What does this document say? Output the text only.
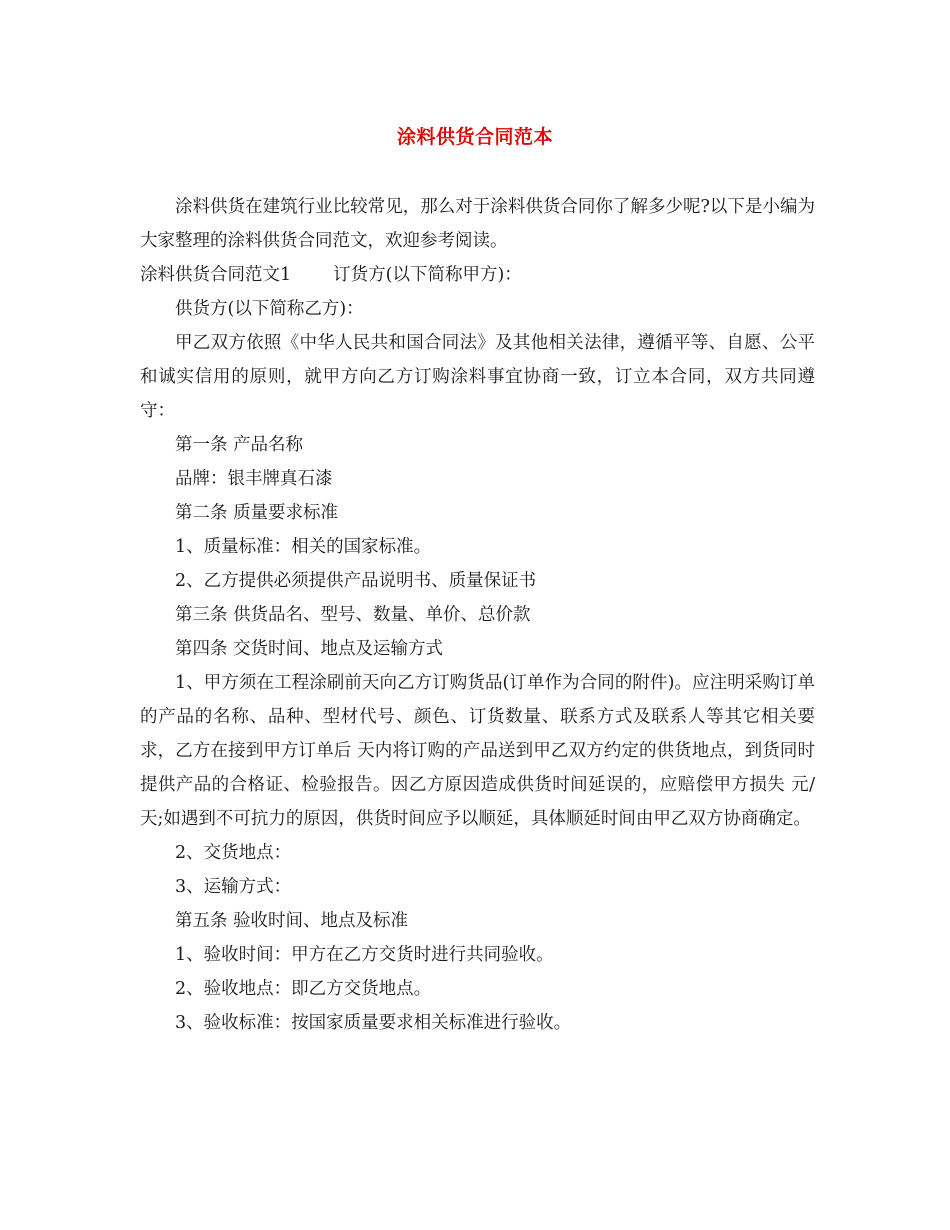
涂料供货合同范本

涂料供货在建筑行业比较常见，那么对于涂料供货合同你了解多少呢?以下是小编为大家整理的涂料供货合同范文，欢迎参考阅读。

涂料供货合同范文1 订货方(以下简称甲方)：

供货方(以下简称乙方)：

甲乙双方依照《中华人民共和国合同法》及其他相关法律，遵循平等、自愿、公平和诚实信用的原则，就甲方向乙方订购涂料事宜协商一致，订立本合同，双方共同遵守：

第一条 产品名称

品牌：银丰牌真石漆

第二条 质量要求标准

1、质量标准：相关的国家标准。

2、乙方提供必须提供产品说明书、质量保证书

第三条 供货品名、型号、数量、单价、总价款

第四条 交货时间、地点及运输方式

1、甲方须在工程涂刷前天向乙方订购货品(订单作为合同的附件)。应注明采购订单的产品的名称、品种、型材代号、颜色、订货数量、联系方式及联系人等其它相关要求，乙方在接到甲方订单后 天内将订购的产品送到甲乙双方约定的供货地点，到货同时提供产品的合格证、检验报告。因乙方原因造成供货时间延误的，应赔偿甲方损失 元/天;如遇到不可抗力的原因，供货时间应予以顺延，具体顺延时间由甲乙双方协商确定。

2、交货地点：

3、运输方式：

第五条 验收时间、地点及标准

1、验收时间：甲方在乙方交货时进行共同验收。

2、验收地点：即乙方交货地点。

3、验收标准：按国家质量要求相关标准进行验收。
